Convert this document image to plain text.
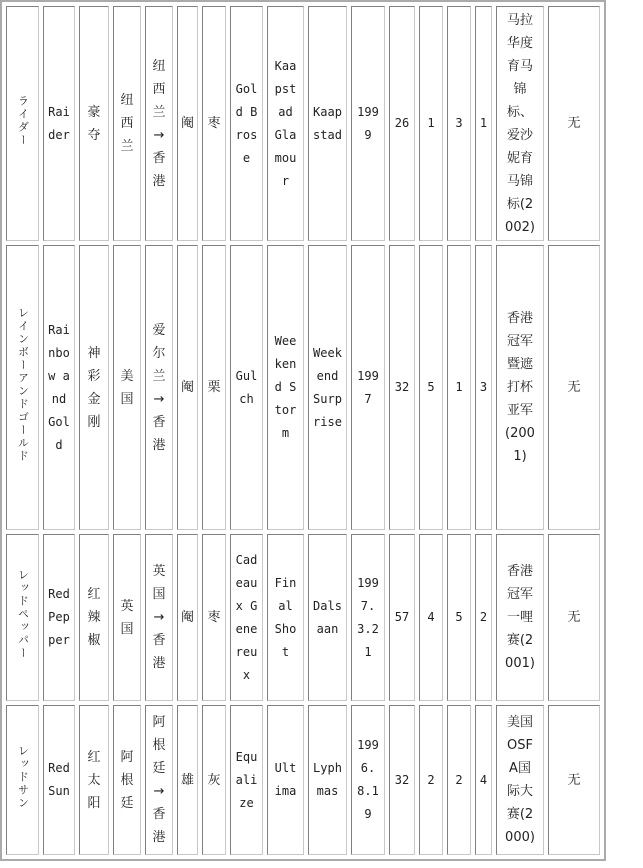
ライダー	Raider	豪夺	纽西兰	纽西兰→香港	阉	枣	Gold Brose	Kaapstad Glamour	Kaapstad	1999	26	1	3	1	马拉华度育马锦标、爱沙妮育马锦标(2002)	无
レインボーアンドゴールド	Rainbow and Gold	神彩金刚	美国	爱尔兰→香港	阉	栗	Gulch	Weekend Storm	Weekend Surprise	1997	32	5	1	3	香港冠军暨遮打杯亚军(2001)	无
レッドペッパー	Red Pepper	红辣椒	英国	英国→香港	阉	枣	Cadeaux Genereux	Final Shot	Dalsaan	1997.3.21	57	4	5	2	香港冠军一哩赛(2001)	无
レッドサン	Red Sun	红太阳	阿根廷	阿根廷→香港	雄	灰	Equalize	Ultima	Lyphmas	1996.8.19	32	2	2	4	美国OSFA国际大赛(2000)	无
